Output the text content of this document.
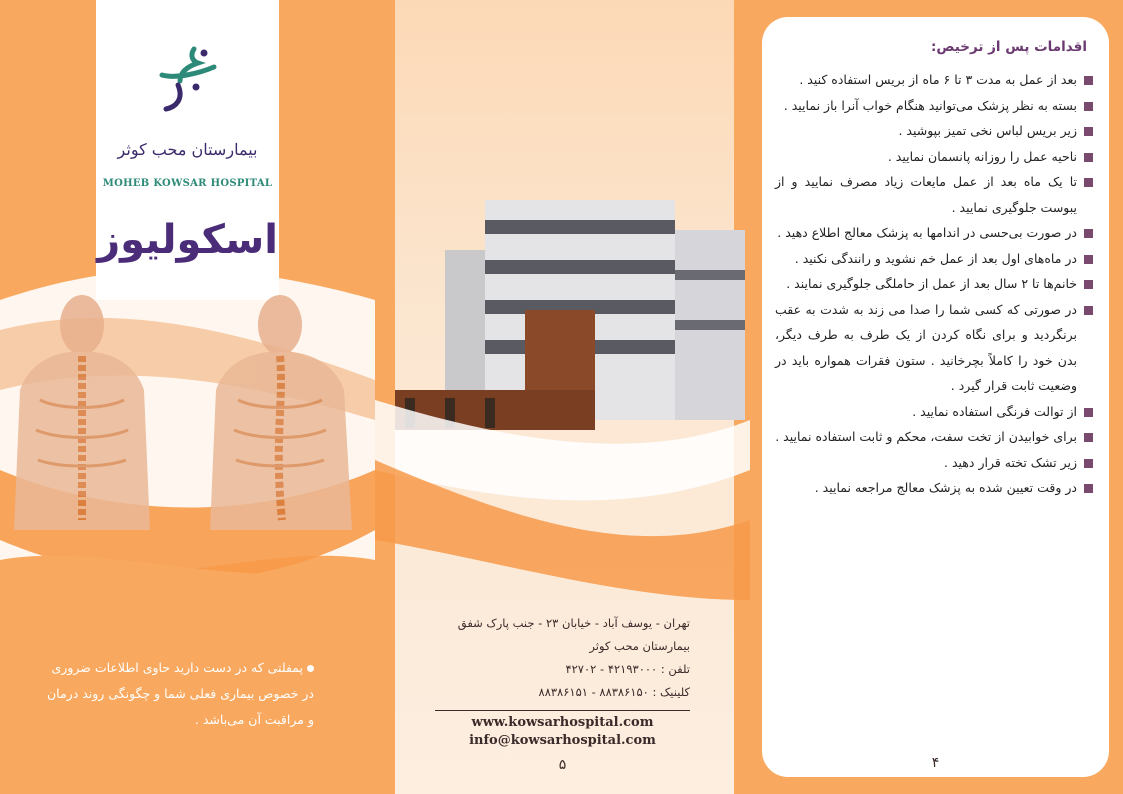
بیمارستان محب کوثر
MOHEB KOWSAR HOSPITAL
اسکولیوز
پمفلتی که در دست دارید حاوی اطلاعات ضروری در خصوص بیماری فعلی شما و چگونگی روند درمان و مراقبت آن می‌باشد .
تهران - یوسف آباد - خیابان ۲۳ - جنب پارک شفق
بیمارستان محب کوثر
تلفن : ۴۲۱۹۳۰۰۰ - ۴۲۷۰۲
کلینیک : ۸۸۳۸۶۱۵۰ - ۸۸۳۸۶۱۵۱
www.kowsarhospital.com
info@kowsarhospital.com
۵
اقدامات پس از ترخیص:
بعد از عمل به مدت ۳ تا ۶ ماه از بریس استفاده کنید .
بسته به نظر پزشک می‌توانید هنگام خواب آنرا باز نمایید .
زیر بریس لباس نخی تمیز بپوشید .
ناحیه عمل را روزانه پانسمان نمایید .
تا یک ماه بعد از عمل مایعات زیاد مصرف نمایید و از یبوست جلوگیری نمایید .
در صورت بی‌حسی در اندامها به پزشک معالج اطلاع دهید .
در ماه‌های اول بعد از عمل خم نشوید و رانندگی نکنید .
خانم‌ها تا ۲ سال بعد از عمل از حاملگی جلوگیری نمایند .
در صورتی که کسی شما را صدا می زند به شدت به عقب برنگردید و برای نگاه کردن از یک طرف به طرف دیگر، بدن خود را کاملاً بچرخانید . ستون فقرات همواره باید در وضعیت ثابت قرار گیرد .
از توالت فرنگی استفاده نمایید .
برای خوابیدن از تخت سفت، محکم و ثابت استفاده نمایید .
زیر تشک تخته قرار دهید .
در وقت تعیین شده به پزشک معالج مراجعه نمایید .
۴
